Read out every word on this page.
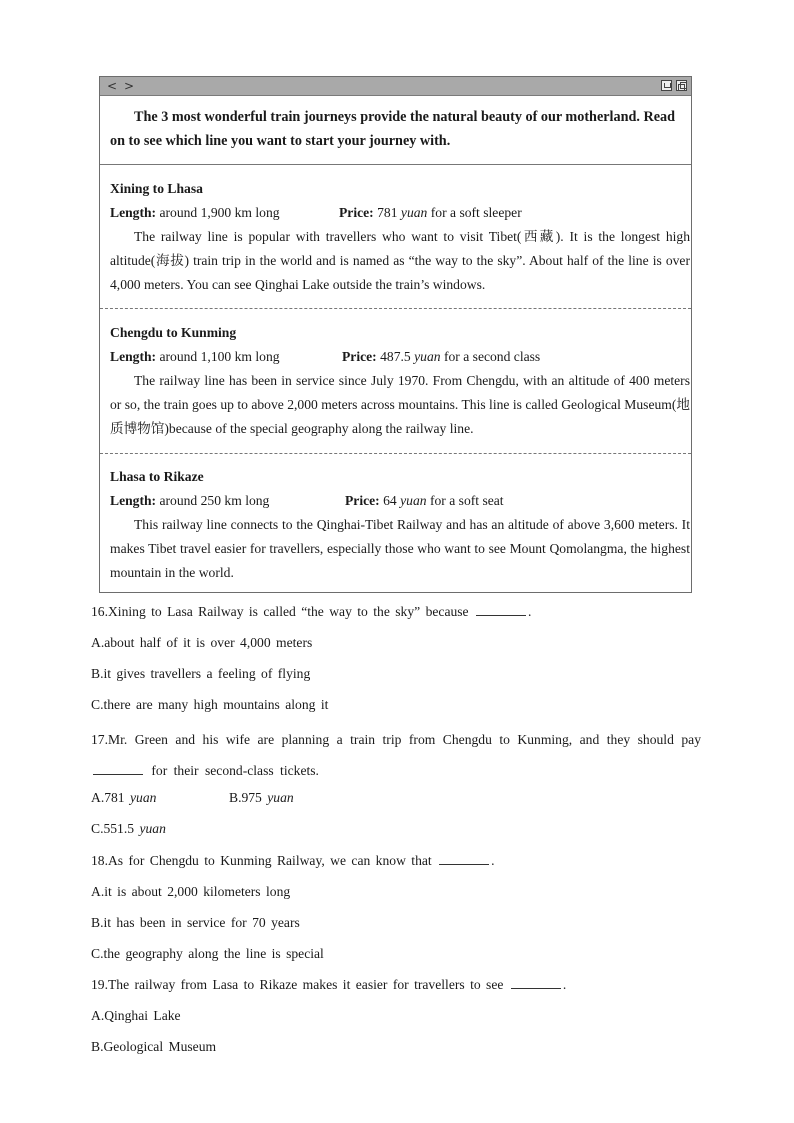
< >
The 3 most wonderful train journeys provide the natural beauty of our motherland. Read on to see which line you want to start your journey with.
Xining to Lhasa
Length: around 1,900 km long	Price: 781 yuan for a soft sleeper
The railway line is popular with travellers who want to visit Tibet(西藏). It is the longest high altitude(海拔) train trip in the world and is named as “the way to the sky”. About half of the line is over 4,000 meters. You can see Qinghai Lake outside the train’s windows.
Chengdu to Kunming
Length: around 1,100 km long	Price: 487.5 yuan for a second class
The railway line has been in service since July 1970. From Chengdu, with an altitude of 400 meters or so, the train goes up to above 2,000 meters across mountains. This line is called Geological Museum(地质博物馆)because of the special geography along the railway line.
Lhasa to Rikaze
Length: around 250 km long	Price: 64 yuan for a soft seat
This railway line connects to the Qinghai-Tibet Railway and has an altitude of above 3,600 meters. It makes Tibet travel easier for travellers, especially those who want to see Mount Qomolangma, the highest mountain in the world.
16.Xining to Lasa Railway is called “the way to the sky” because	.
A.about half of it is over 4,000 meters
B.it gives travellers a feeling of flying
C.there are many high mountains along it
17.Mr. Green and his wife are planning a train trip from Chengdu to Kunming, and they should pay  for their second-class tickets.
A.781 yuan	B.975 yuan
C.551.5 yuan
18.As for Chengdu to Kunming Railway, we can know that	.
A.it is about 2,000 kilometers long
B.it has been in service for 70 years
C.the geography along the line is special
19.The railway from Lasa to Rikaze makes it easier for travellers to see	.
A.Qinghai Lake
B.Geological Museum
